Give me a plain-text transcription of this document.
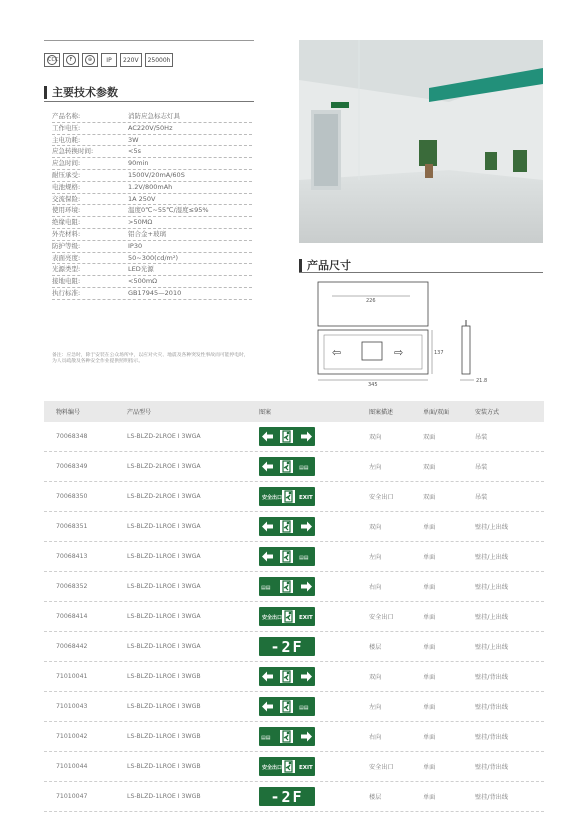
CCC	F	⊕	IP	220V	25000h
主要技术参数
产品名称:	消防应急标志灯具
工作电压:	AC220V/50Hz
主电功耗:	3W
应急转换时间:	<5s
应急时间:	90min
耐压承受:	1500V/20mA/60S
电池规格:	1.2V/800mAh
交流保险:	1A 250V
使用环境:	温度0℃~55℃/湿度≤95%
绝缘电阻:	>50MΩ
外壳材料:	铝合金+玻璃
防护等级:	IP30
表面亮度:	50~300(cd/m²)
光源类型:	LED光源
接地电阻:	<500mΩ
执行标准:	GB17945—2010
备注：应急时，除于安装在公众场所中，以应对火灾、地震及各种突发性事故而可能停电时，为人员疏散及各种安全作业提供照明指示。
产品尺寸
226
⇦	⇨
345
137
21.8
物料编号	产品型号	图案	图案描述	单面/双面	安装方式
70068348	LS-BLZD-2LROE I 3WGA	双向	双面	吊装
70068349	LS-BLZD-2LROE I 3WGA	▤▤	左向	双面	吊装
70068350	LS-BLZD-2LROE I 3WGA	安全出口	EXIT	安全出口	双面	吊装
70068351	LS-BLZD-1LROE I 3WGA	双向	单面	壁挂/上出线
70068413	LS-BLZD-1LROE I 3WGA	▤▤	左向	单面	壁挂/上出线
70068352	LS-BLZD-1LROE I 3WGA	▤▤	右向	单面	壁挂/上出线
70068414	LS-BLZD-1LROE I 3WGA	安全出口	EXIT	安全出口	单面	壁挂/上出线
70068442	LS-BLZD-1LROE I 3WGA	-2F	楼层	单面	壁挂/上出线
71010041	LS-BLZD-1LROE I 3WGB	双向	单面	壁挂/背出线
71010043	LS-BLZD-1LROE I 3WGB	▤▤	左向	单面	壁挂/背出线
71010042	LS-BLZD-1LROE I 3WGB	▤▤	右向	单面	壁挂/背出线
71010044	LS-BLZD-1LROE I 3WGB	安全出口	EXIT	安全出口	单面	壁挂/背出线
71010047	LS-BLZD-1LROE I 3WGB	-2F	楼层	单面	壁挂/背出线
